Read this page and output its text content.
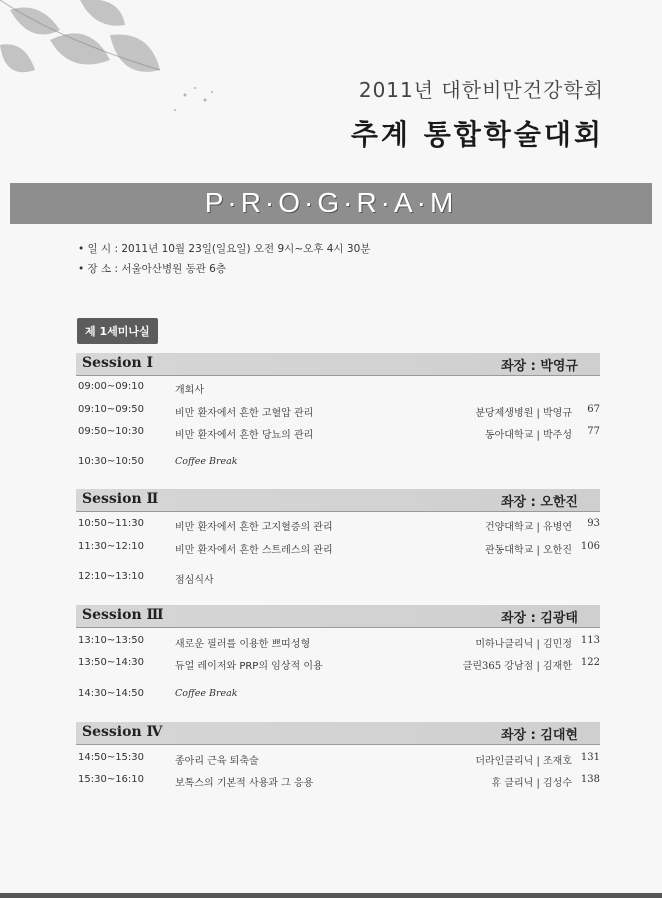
2011년 대한비만건강학회
추계 통합학술대회
P·R·O·G·R·A·M
• 일 시 : 2011년 10월 23일(일요일) 오전 9시~오후 4시 30분
• 장 소 : 서울아산병원 동관 6층
제 1세미나실
Session Ⅰ	좌장 : 박영규
09:00~09:10	개회사
09:10~09:50	비만 환자에서 흔한 고혈압 관리	분당제생병원 | 박영규 67
09:50~10:30	비만 환자에서 흔한 당뇨의 관리	동아대학교 | 박주성 77
10:30~10:50	Coffee Break
Session Ⅱ	좌장 : 오한진
10:50~11:30	비만 환자에서 흔한 고지혈증의 관리	건양대학교 | 유병연 93
11:30~12:10	비만 환자에서 흔한 스트레스의 관리	관동대학교 | 오한진 106
12:10~13:10	점심식사
Session Ⅲ	좌장 : 김광태
13:10~13:50	새로운 필러를 이용한 쁘띠성형	미하나클리닉 | 김민정 113
13:50~14:30	듀얼 레이저와 PRP의 임상적 이용	클린365 강남점 | 김재한 122
14:30~14:50	Coffee Break
Session Ⅳ	좌장 : 김대현
14:50~15:30	종아리 근육 퇴축술	더라인클리닉 | 조재호 131
15:30~16:10	보톡스의 기본적 사용과 그 응용	휴 클리닉 | 김성수 138
